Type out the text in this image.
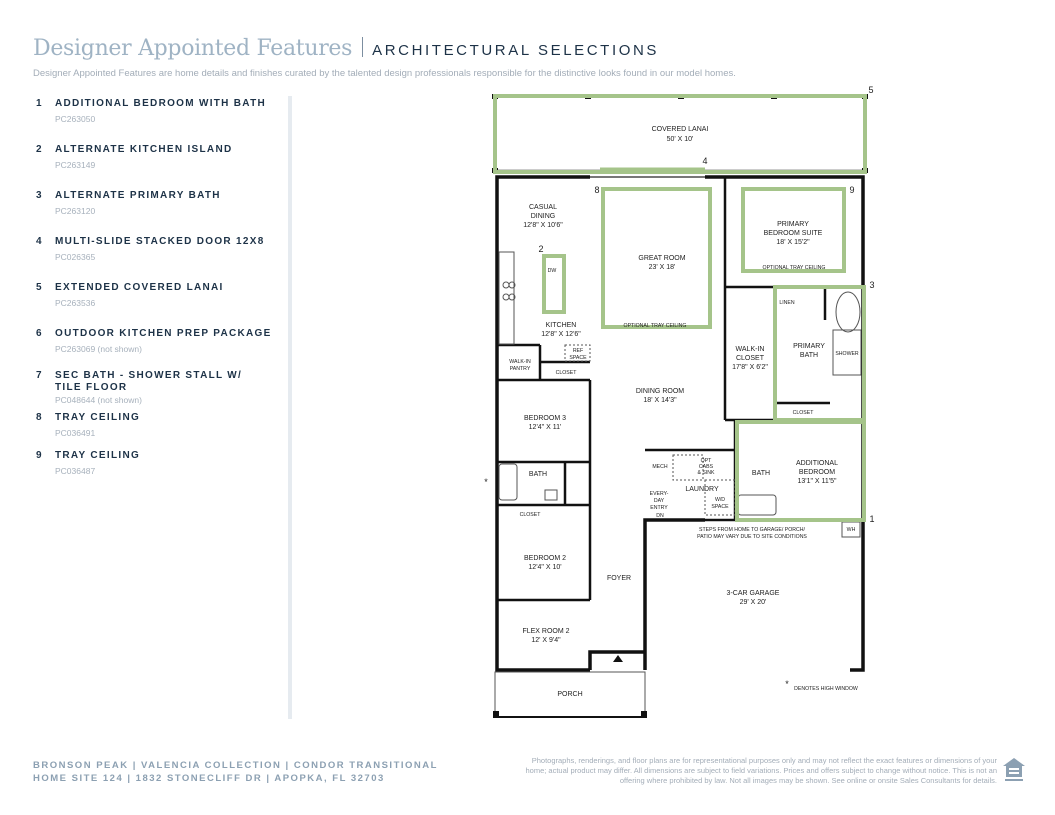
Designer Appointed Features ARCHITECTURAL SELECTIONS
Designer Appointed Features are home details and finishes curated by the talented design professionals responsible for the distinctive looks found in our model homes.
1	ADDITIONAL BEDROOM WITH BATH
PC263050
2	ALTERNATE KITCHEN ISLAND
PC263149
3	ALTERNATE PRIMARY BATH
PC263120
4	MULTI-SLIDE STACKED DOOR 12X8
PC026365
5	EXTENDED COVERED LANAI
PC263536
6	OUTDOOR KITCHEN PREP PACKAGE
PC263069 (not shown)
7	SEC BATH - SHOWER STALL W/ TILE FLOOR
PC048644 (not shown)
8	TRAY CEILING
PC036491
9	TRAY CEILING
PC036487
COVERED LANAI
50' X 10'
CASUAL
DINING
12'8" X 10'6"
GREAT ROOM
23' X 18'
PRIMARY
BEDROOM SUITE
18' X 15'2"
KITCHEN
12'8" X 12'6"
WALK-IN
CLOSET
17'8" X 6'2"
PRIMARY
BATH
DINING ROOM
18' X 14'3"
BEDROOM 3
12'4" X 11'
ADDITIONAL
BEDROOM
13'1" X 11'5"
BEDROOM 2
12'4" X 10'
FLEX ROOM 2
12' X 9'4"
3-CAR GARAGE
29' X 20'
FOYER
PORCH
BATH	BATH
LAUNDRY
MECH
CLOSET
CLOSET
CLOSET
LINEN
SHOWER
WH
DW
DN
WALK-IN
PANTRY
REF
SPACE
W/D
SPACE
OPT
CABS
& SINK
EVERY-
DAY
ENTRY
OPTIONAL TRAY CEILING
OPTIONAL TRAY CEILING
STEPS FROM HOME TO GARAGE/ PORCH/
PATIO MAY VARY DUE TO SITE CONDITIONS
DENOTES HIGH WINDOW
*
*
5
4
8	9
2
3
1
BRONSON PEAK | VALENCIA COLLECTION | CONDOR TRANSITIONAL
HOME SITE 124 | 1832 STONECLIFF DR | APOPKA, FL 32703
Photographs, renderings, and floor plans are for representational purposes only and may not reflect the exact features or dimensions of your home; actual product may differ. All dimensions are subject to field variations. Prices and offers subject to change without notice. This is not an offering where prohibited by law. Not all images may be shown. See online or onsite Sales Consultants for details.
